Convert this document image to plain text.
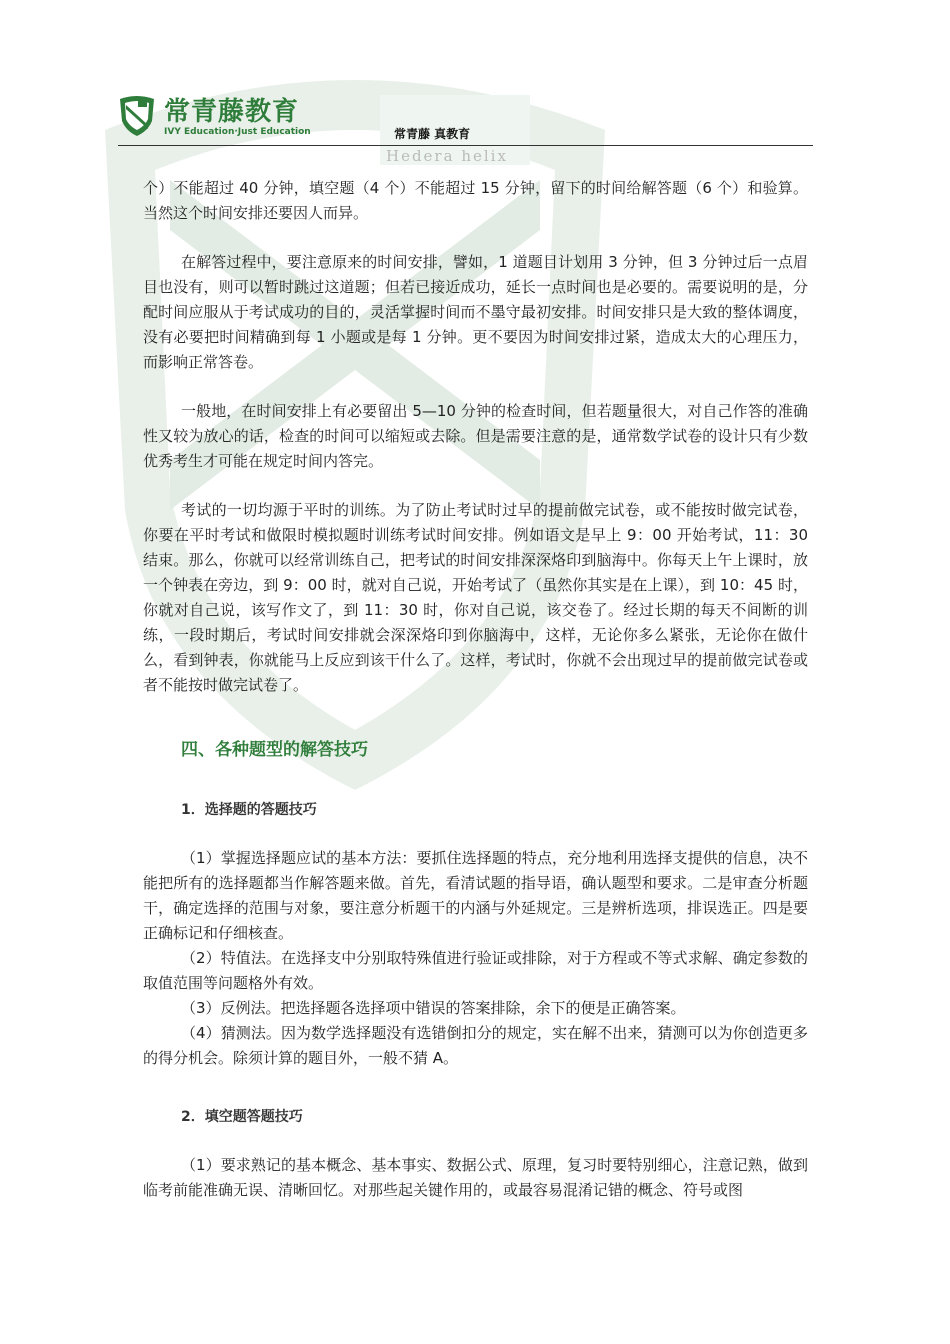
常青藤教育
IVY Education·Just Education	常青藤 真教育
Hedera helix

个）不能超过 40 分钟，填空题（4 个）不能超过 15 分钟，留下的时间给解答题（6 个）和验算。当然这个时间安排还要因人而异。

在解答过程中，要注意原来的时间安排，譬如，1 道题目计划用 3 分钟，但 3 分钟过后一点眉目也没有，则可以暂时跳过这道题；但若已接近成功，延长一点时间也是必要的。需要说明的是，分配时间应服从于考试成功的目的，灵活掌握时间而不墨守最初安排。时间安排只是大致的整体调度，没有必要把时间精确到每 1 小题或是每 1 分钟。更不要因为时间安排过紧，造成太大的心理压力，而影响正常答卷。

一般地，在时间安排上有必要留出 5—10 分钟的检查时间，但若题量很大，对自己作答的准确性又较为放心的话，检查的时间可以缩短或去除。但是需要注意的是，通常数学试卷的设计只有少数优秀考生才可能在规定时间内答完。

考试的一切均源于平时的训练。为了防止考试时过早的提前做完试卷，或不能按时做完试卷，你要在平时考试和做限时模拟题时训练考试时间安排。例如语文是早上 9：00 开始考试，11：30 结束。那么，你就可以经常训练自己，把考试的时间安排深深烙印到脑海中。你每天上午上课时，放一个钟表在旁边，到 9：00 时，就对自己说，开始考试了（虽然你其实是在上课），到 10：45 时，你就对自己说，该写作文了，到 11：30 时，你对自己说，该交卷了。经过长期的每天不间断的训练，一段时期后，考试时间安排就会深深烙印到你脑海中，这样，无论你多么紧张，无论你在做什么，看到钟表，你就能马上反应到该干什么了。这样，考试时，你就不会出现过早的提前做完试卷或者不能按时做完试卷了。

四、各种题型的解答技巧

1．选择题的答题技巧

（1）掌握选择题应试的基本方法：要抓住选择题的特点，充分地利用选择支提供的信息，决不能把所有的选择题都当作解答题来做。首先，看清试题的指导语，确认题型和要求。二是审查分析题干，确定选择的范围与对象，要注意分析题干的内涵与外延规定。三是辨析选项，排误选正。四是要正确标记和仔细核查。

（2）特值法。在选择支中分别取特殊值进行验证或排除，对于方程或不等式求解、确定参数的取值范围等问题格外有效。

（3）反例法。把选择题各选择项中错误的答案排除，余下的便是正确答案。

（4）猜测法。因为数学选择题没有选错倒扣分的规定，实在解不出来，猜测可以为你创造更多的得分机会。除须计算的题目外，一般不猜 A。

2．填空题答题技巧

（1）要求熟记的基本概念、基本事实、数据公式、原理，复习时要特别细心，注意记熟，做到临考前能准确无误、清晰回忆。对那些起关键作用的，或最容易混淆记错的概念、符号或图
